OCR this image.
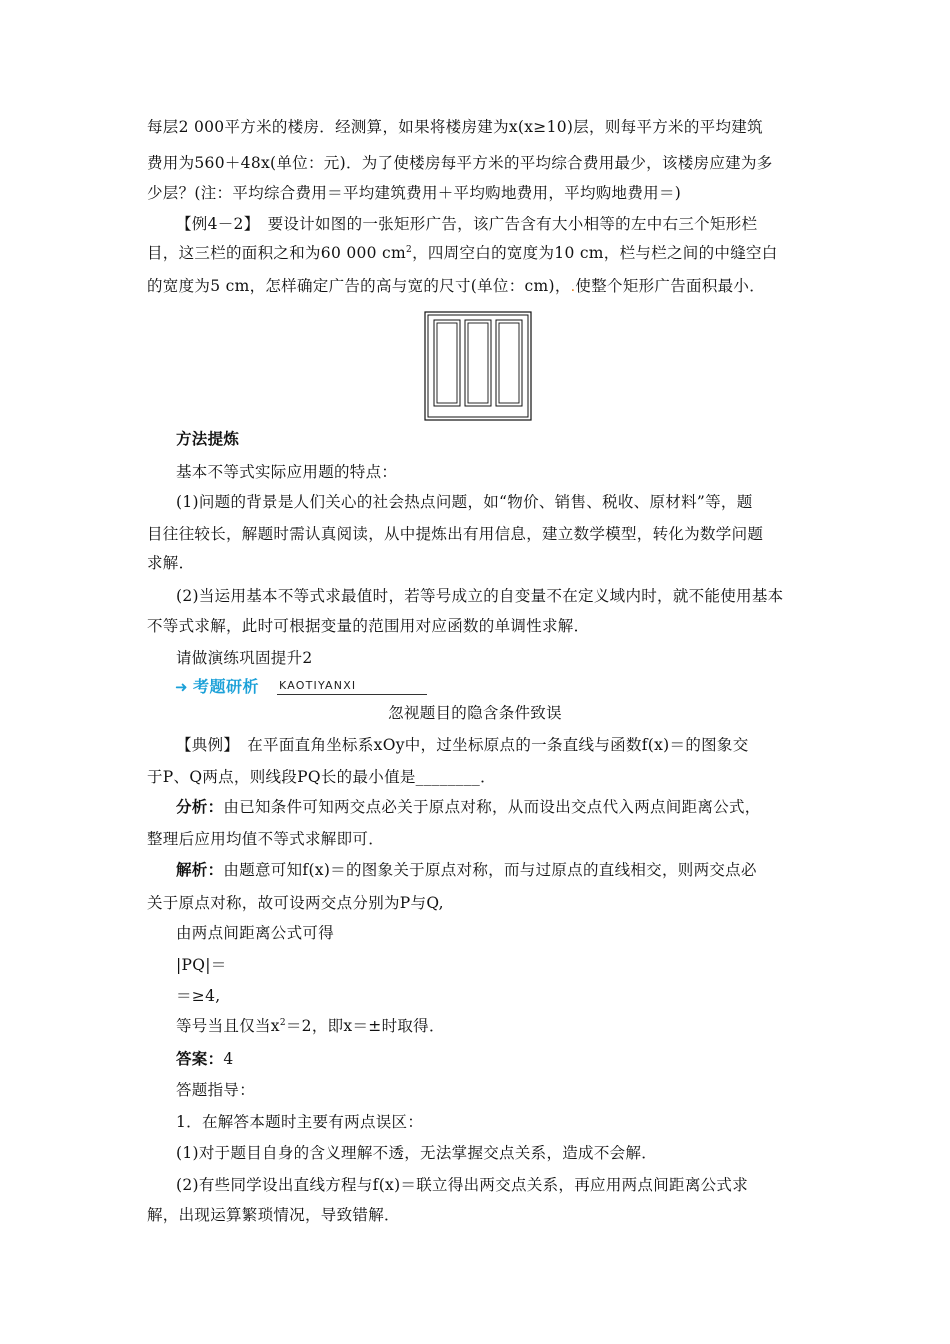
每层2 000平方米的楼房．经测算，如果将楼房建为x(x≥10)层，则每平方米的平均建筑
费用为560＋48x(单位：元)．为了使楼房每平方米的平均综合费用最少，该楼房应建为多
少层？(注：平均综合费用＝平均建筑费用＋平均购地费用，平均购地费用＝)
【例4－2】　要设计如图的一张矩形广告，该广告含有大小相等的左中右三个矩形栏
目，这三栏的面积之和为60 000 $cm^2$，四周空白的宽度为10 cm，栏与栏之间的中缝空白
的宽度为5 cm，怎样确定广告的高与宽的尺寸(单位：cm)，.使整个矩形广告面积最小．
方法提炼
基本不等式实际应用题的特点：
(1)问题的背景是人们关心的社会热点问题，如“物价、销售、税收、原材料”等，题
目往往较长，解题时需认真阅读，从中提炼出有用信息，建立数学模型，转化为数学问题
求解．
(2)当运用基本不等式求最值时，若等号成立的自变量不在定义域内时，就不能使用基本
不等式求解，此时可根据变量的范围用对应函数的单调性求解．
请做演练巩固提升2
➜ 考题研析 KAOTIYANXI
忽视题目的隐含条件致误
【典例】　在平面直角坐标系xOy中，过坐标原点的一条直线与函数f(x)＝的图象交
于P、Q两点，则线段PQ长的最小值是________．
分析：由已知条件可知两交点必关于原点对称，从而设出交点代入两点间距离公式，
整理后应用均值不等式求解即可．
解析：由题意可知f(x)＝的图象关于原点对称，而与过原点的直线相交，则两交点必
关于原点对称，故可设两交点分别为P与Q,
由两点间距离公式可得
|PQ|＝
＝≥4,
等号当且仅当$x^2=2$，即x＝±时取得．
答案：4
答题指导：
1．在解答本题时主要有两点误区：
(1)对于题目自身的含义理解不透，无法掌握交点关系，造成不会解．
(2)有些同学设出直线方程与f(x)＝联立得出两交点关系，再应用两点间距离公式求
解，出现运算繁琐情况，导致错解．
